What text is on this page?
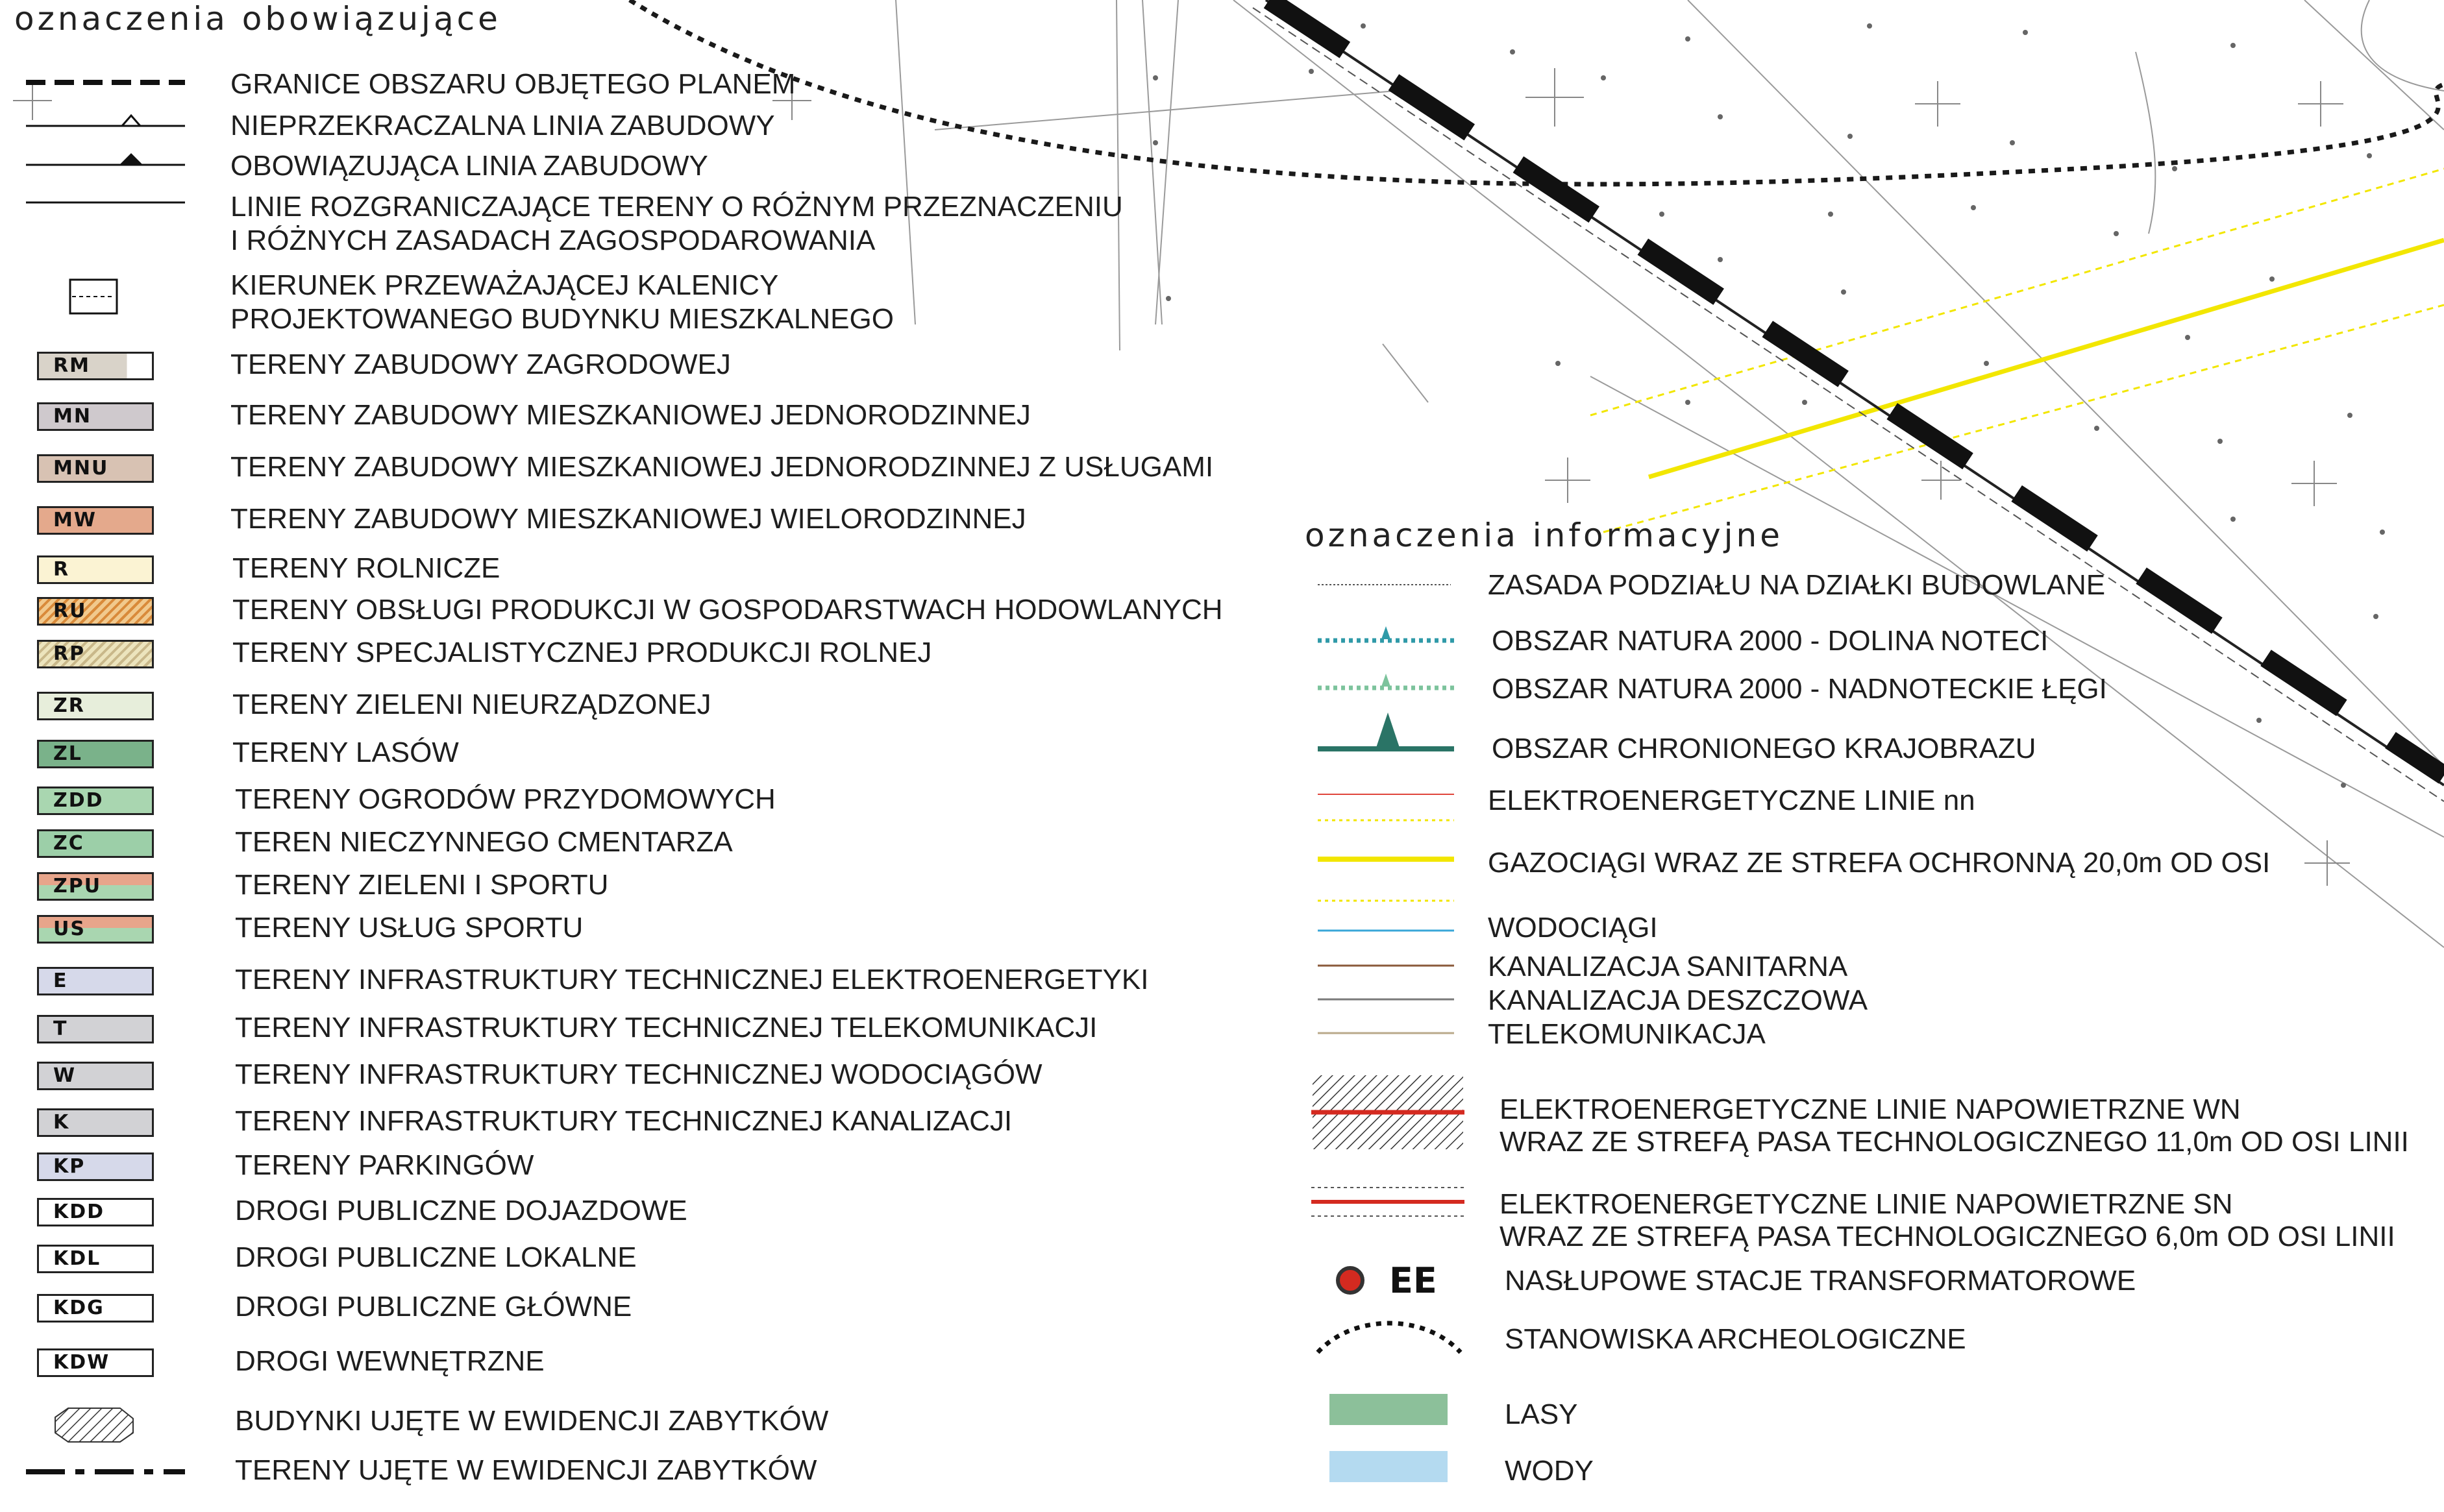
oznaczenia obowiązujące
GRANICE OBSZARU OBJĘTEGO PLANEM
NIEPRZEKRACZALNA LINIA ZABUDOWY
OBOWIĄZUJĄCA LINIA ZABUDOWY
LINIE ROZGRANICZAJĄCE TERENY O RÓŻNYM PRZEZNACZENIU
I RÓŻNYCH ZASADACH ZAGOSPODAROWANIA
KIERUNEK PRZEWAŻAJĄCEJ KALENICY
PROJEKTOWANEGO BUDYNKU MIESZKALNEGO
RM	TERENY ZABUDOWY ZAGRODOWEJ
MN	TERENY ZABUDOWY MIESZKANIOWEJ JEDNORODZINNEJ
MNU	TERENY ZABUDOWY MIESZKANIOWEJ JEDNORODZINNEJ Z USŁUGAMI
MW	TERENY ZABUDOWY MIESZKANIOWEJ WIELORODZINNEJ
R	TERENY ROLNICZE
RU	TERENY OBSŁUGI PRODUKCJI W GOSPODARSTWACH HODOWLANYCH
RP	TERENY SPECJALISTYCZNEJ PRODUKCJI ROLNEJ
ZR	TERENY ZIELENI NIEURZĄDZONEJ
ZL	TERENY LASÓW
ZDD	TERENY OGRODÓW PRZYDOMOWYCH
ZC	TEREN NIECZYNNEGO CMENTARZA
ZPU	TERENY ZIELENI I SPORTU
US	TERENY USŁUG SPORTU
E	TERENY INFRASTRUKTURY TECHNICZNEJ ELEKTROENERGETYKI
T	TERENY INFRASTRUKTURY TECHNICZNEJ TELEKOMUNIKACJI
W	TERENY INFRASTRUKTURY TECHNICZNEJ WODOCIĄGÓW
K	TERENY INFRASTRUKTURY TECHNICZNEJ KANALIZACJI
KP	TERENY PARKINGÓW
KDD	DROGI PUBLICZNE DOJAZDOWE
KDL	DROGI PUBLICZNE LOKALNE
KDG	DROGI PUBLICZNE GŁÓWNE
KDW	DROGI WEWNĘTRZNE
BUDYNKI UJĘTE W EWIDENCJI ZABYTKÓW
TERENY UJĘTE W EWIDENCJI ZABYTKÓW
oznaczenia informacyjne
ZASADA PODZIAŁU NA DZIAŁKI BUDOWLANE
OBSZAR NATURA 2000 - DOLINA NOTECI
OBSZAR NATURA 2000 - NADNOTECKIE ŁĘGI
OBSZAR CHRONIONEGO KRAJOBRAZU
ELEKTROENERGETYCZNE LINIE nn
GAZOCIĄGI WRAZ ZE STREFA OCHRONNĄ 20,0m OD OSI
WODOCIĄGI
KANALIZACJA SANITARNA
KANALIZACJA DESZCZOWA
TELEKOMUNIKACJA
ELEKTROENERGETYCZNE LINIE NAPOWIETRZNE WN
WRAZ ZE STREFĄ PASA TECHNOLOGICZNEGO 11,0m OD OSI LINII
ELEKTROENERGETYCZNE LINIE NAPOWIETRZNE SN
WRAZ ZE STREFĄ PASA TECHNOLOGICZNEGO 6,0m OD OSI LINII
EE NASŁUPOWE STACJE TRANSFORMATOROWE
STANOWISKA ARCHEOLOGICZNE
LASY
WODY
